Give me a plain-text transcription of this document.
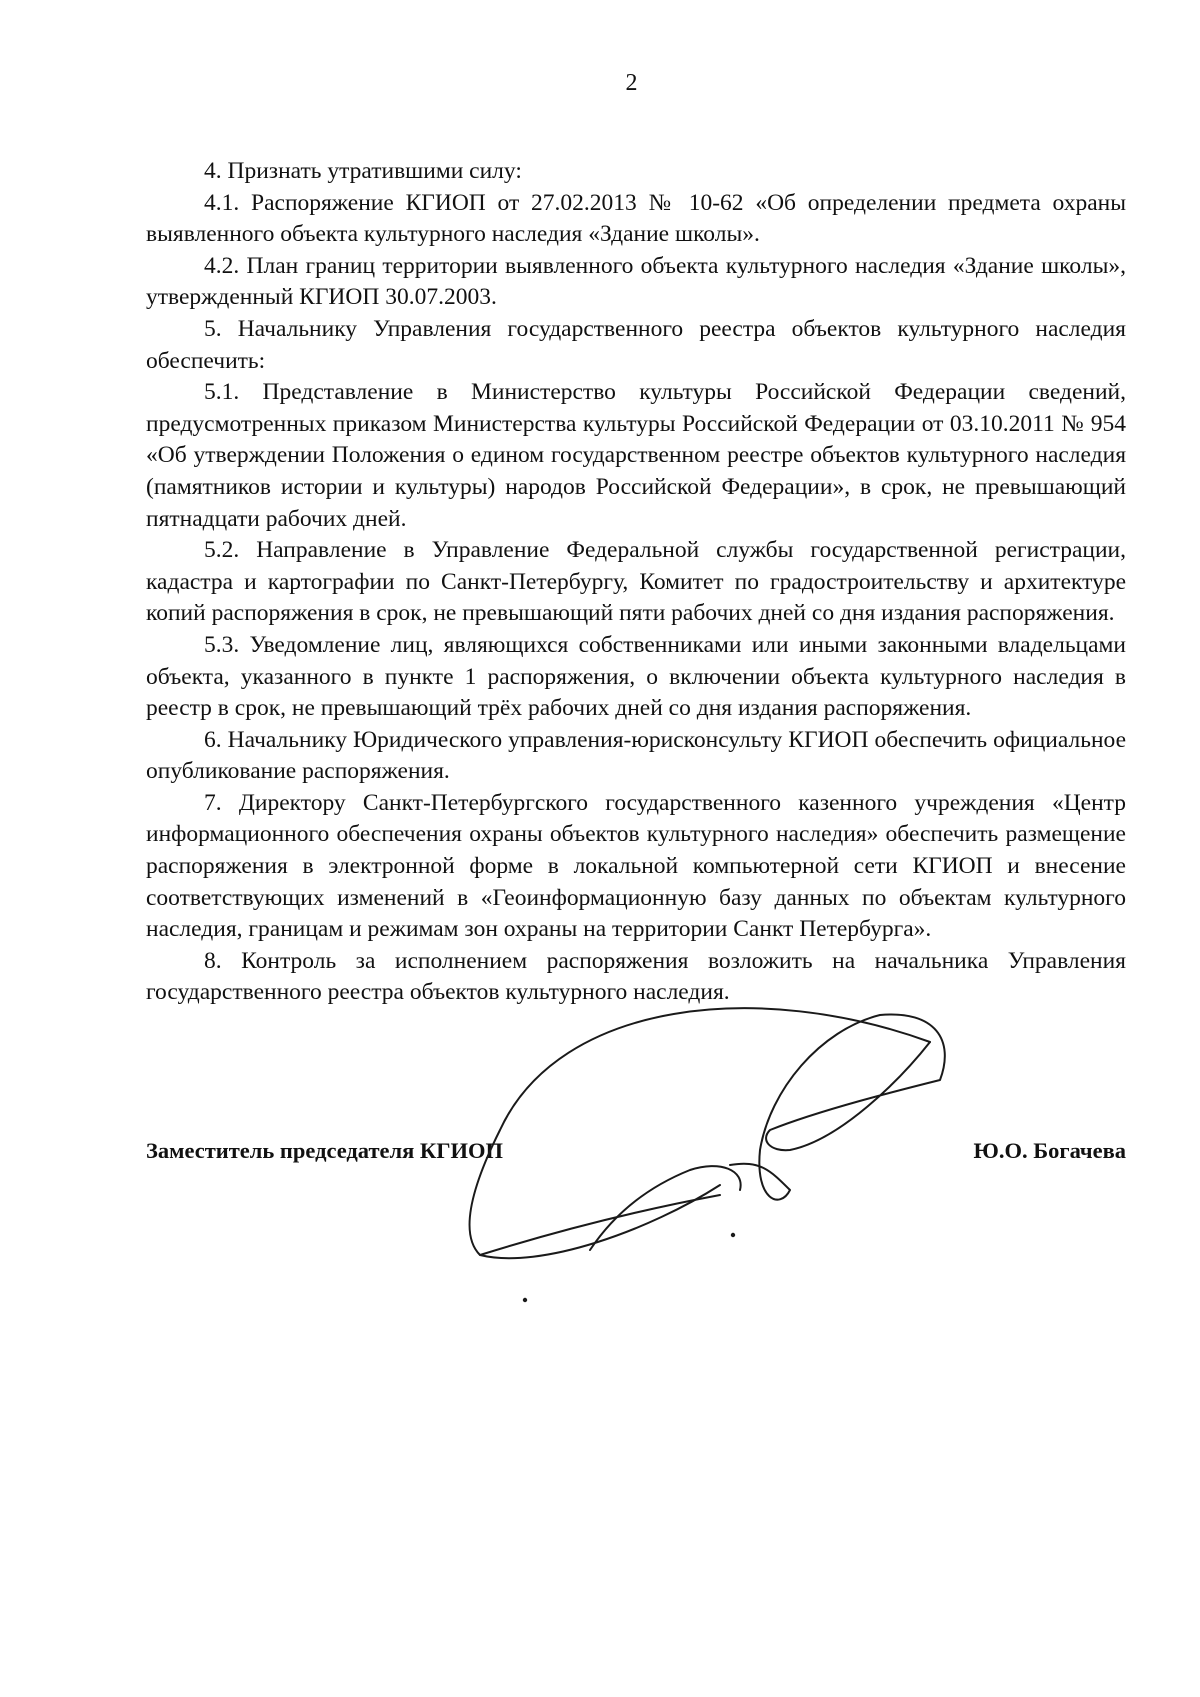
2

4. Признать утратившими силу:

4.1. Распоряжение КГИОП от 27.02.2013 № 10-62 «Об определении предмета охраны выявленного объекта культурного наследия «Здание школы».

4.2. План границ территории выявленного объекта культурного наследия «Здание школы», утвержденный КГИОП 30.07.2003.

5. Начальнику Управления государственного реестра объектов культурного наследия обеспечить:

5.1. Представление в Министерство культуры Российской Федерации сведений, предусмотренных приказом Министерства культуры Российской Федерации от 03.10.2011 № 954 «Об утверждении Положения о едином государственном реестре объектов культурного наследия (памятников истории и культуры) народов Российской Федерации», в срок, не превышающий пятнадцати рабочих дней.

5.2. Направление в Управление Федеральной службы государственной регистрации, кадастра и картографии по Санкт-Петербургу, Комитет по градостроительству и архитектуре копий распоряжения в срок, не превышающий пяти рабочих дней со дня издания распоряжения.

5.3. Уведомление лиц, являющихся собственниками или иными законными владельцами объекта, указанного в пункте 1 распоряжения, о включении объекта культурного наследия в реестр в срок, не превышающий трёх рабочих дней со дня издания распоряжения.

6. Начальнику Юридического управления-юрисконсульту КГИОП обеспечить официальное опубликование распоряжения.

7. Директору Санкт-Петербургского государственного казенного учреждения «Центр информационного обеспечения охраны объектов культурного наследия» обеспечить размещение распоряжения в электронной форме в локальной компьютерной сети КГИОП и внесение соответствующих изменений в «Геоинформационную базу данных по объектам культурного наследия, границам и режимам зон охраны на территории Санкт Петербурга».

8. Контроль за исполнением распоряжения возложить на начальника Управления государственного реестра объектов культурного наследия.

Заместитель председателя КГИОП	Ю.О. Богачева
